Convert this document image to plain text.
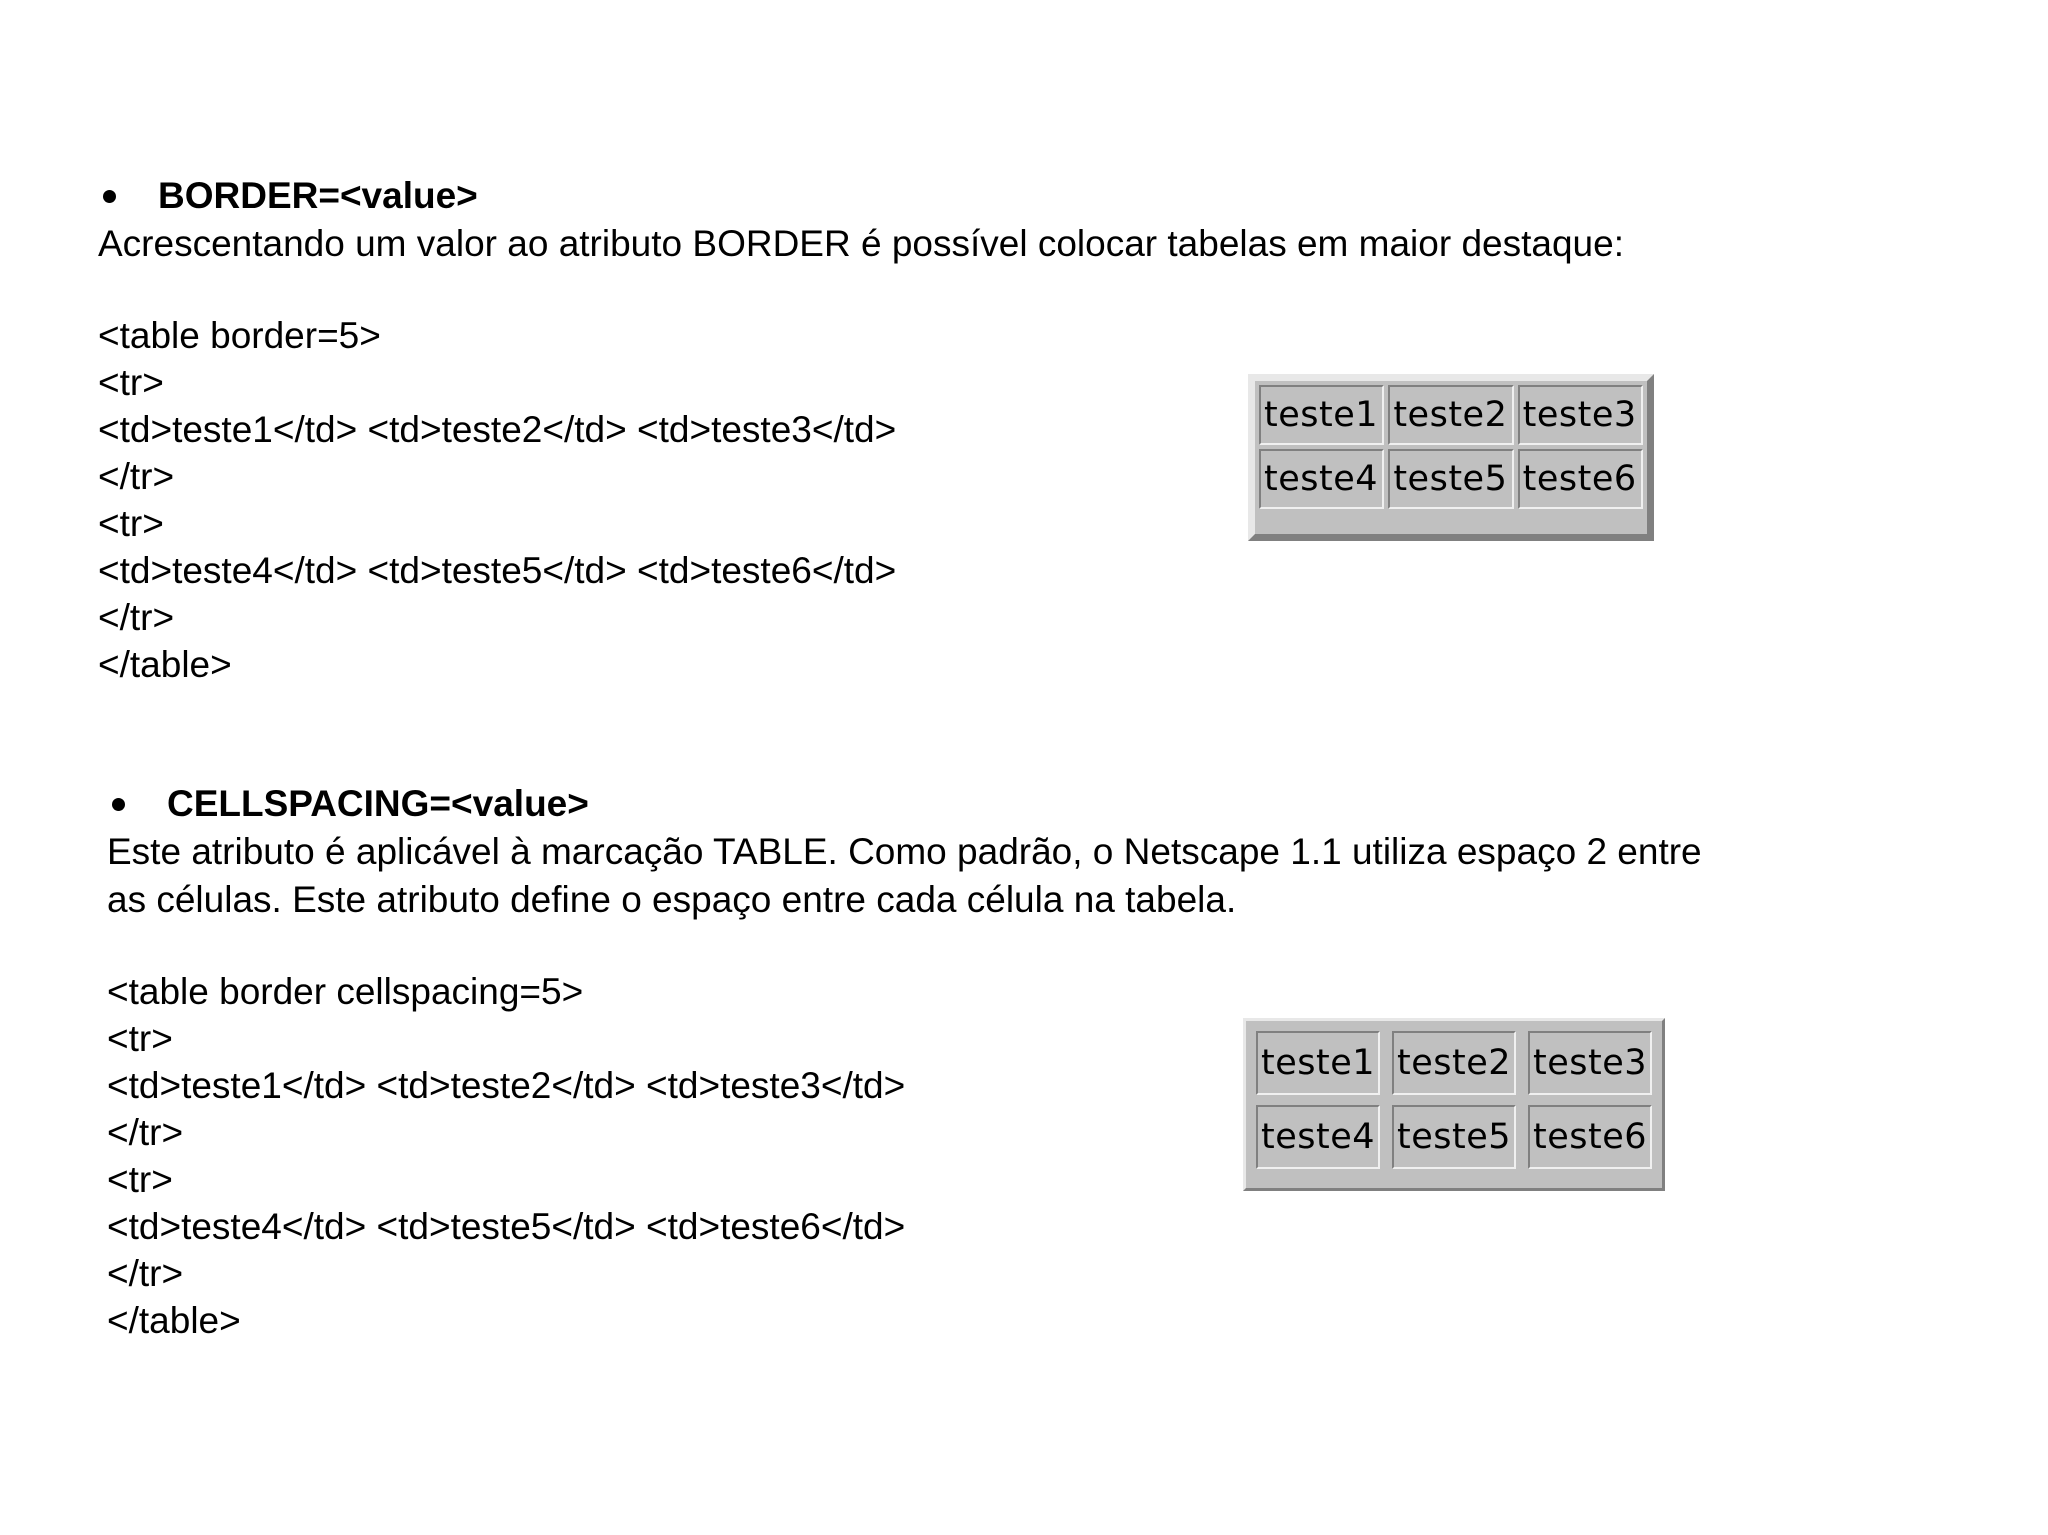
BORDER=<value>

Acrescentando um valor ao atributo BORDER é possível colocar tabelas em maior destaque:

<table border=5>
<tr>
<td>teste1</td> <td>teste2</td> <td>teste3</td>
</tr>
<tr>
<td>teste4</td> <td>teste5</td> <td>teste6</td>
</tr>
</table>
teste1 teste2 teste3
teste4 teste5 teste6
CELLSPACING=<value>

Este atributo é aplicável à marcação TABLE. Como padrão, o Netscape 1.1 utiliza espaço 2 entre
as células. Este atributo define o espaço entre cada célula na tabela.

<table border cellspacing=5>
<tr>
<td>teste1</td> <td>teste2</td> <td>teste3</td>
</tr>
<tr>
<td>teste4</td> <td>teste5</td> <td>teste6</td>
</tr>
</table>
teste1 teste2 teste3
teste4 teste5 teste6
